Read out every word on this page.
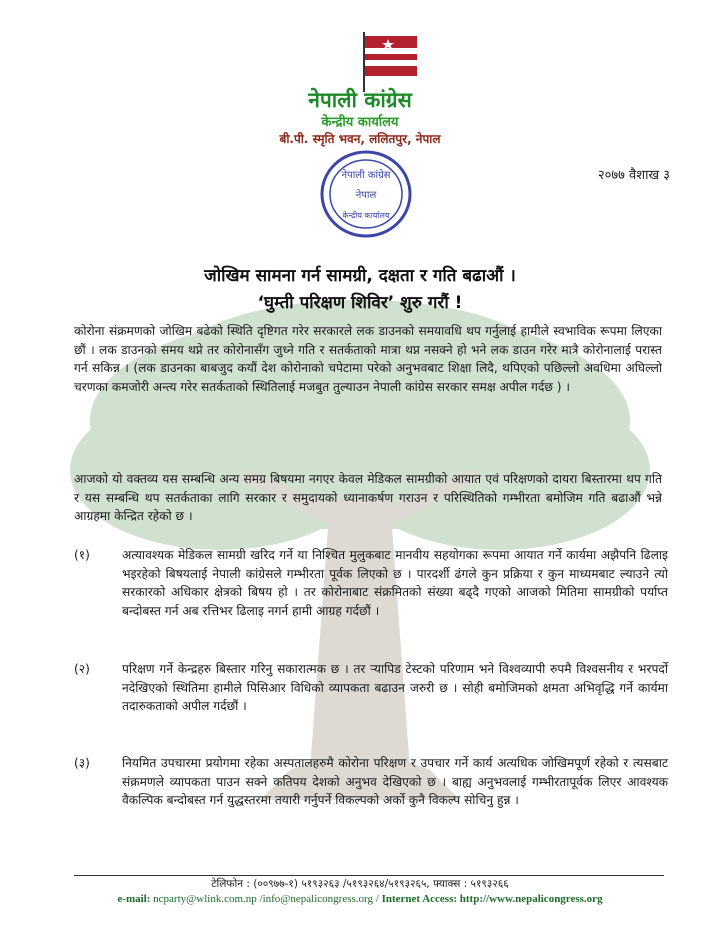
नेपाली कांग्रेस
केन्द्रीय कार्यालय
बी.पी. स्मृति भवन, ललितपुर, नेपाल
नेपाली कांग्रेस
नेपाल
केन्द्रीय कार्यालय
२०७७ वैशाख ३
जोखिम सामना गर्न सामग्री, दक्षता र गति बढाऔं ।
‘घुम्ती परिक्षण शिविर’ शुरु गरौं !
कोरोना संक्रमणको जोखिम बढेको स्थिति दृष्टिगत गरेर सरकारले लक डाउनको समयावधि थप गर्नुलाई हामीले स्वभाविक रूपमा लिएका छौं । लक डाउनको समय थप्ने तर कोरोनासँग जुध्ने गति र सतर्कताको मात्रा थप्न नसक्ने हो भने लक डाउन गरेर मात्रै कोरोनालाई परास्त गर्न सकिन्न । (लक डाउनका बाबजुद कयौं देश कोरोनाको चपेटामा परेको अनुभवबाट शिक्षा लिदै, थपिएको पछिल्लो अवधिमा अघिल्लो चरणका कमजोरी अन्त्य गरेर सतर्कताको स्थितिलाई मजबुत तुल्याउन नेपाली कांग्रेस सरकार समक्ष अपील गर्दछ ) ।
आजको यो वक्तव्य यस सम्बन्धि अन्य समग्र बिषयमा नगएर केवल मेडिकल सामग्रीको आयात एवं परिक्षणको दायरा बिस्तारमा थप गति र यस सम्बन्धि थप सतर्कताका लागि सरकार र समुदायको ध्यानाकर्षण गराउन र परिस्थितिको गम्भीरता बमोजिम गति बढाऔं भन्ने आग्रहमा केन्द्रित रहेको छ ।
(१)	अत्यावश्यक मेडिकल सामग्री खरिद गर्ने या निश्चित मुलुकबाट मानवीय सहयोगका रूपमा आयात गर्ने कार्यमा अझैपनि ढिलाइ भइरहेको बिषयलाई नेपाली कांग्रेसले गम्भीरता पूर्वक लिएको छ । पारदर्शी ढंगले कुन प्रक्रिया र कुन माध्यमबाट ल्याउने त्यो सरकारको अधिकार क्षेत्रको बिषय हो । तर कोरोनाबाट संक्रमितको संख्या बढ्दै गएको आजको मितिमा सामग्रीको पर्याप्त बन्दोबस्त गर्न अब रत्तिभर ढिलाइ नगर्न हामी आग्रह गर्दछौं ।
(२)	परिक्षण गर्ने केन्द्रहरु बिस्तार गरिनु सकारात्मक छ । तर र्‍यापिड टेस्टको परिणाम भने विश्वव्यापी रुपमै विश्वसनीय र भरपर्दो नदेखिएको स्थितिमा हामीले पिसिआर विधिको व्यापकता बढाउन जरुरी छ । सोही बमोजिमको क्षमता अभिवृद्धि गर्ने कार्यमा तदारुकताको अपील गर्दछौं ।
(३)	नियमित उपचारमा प्रयोगमा रहेका अस्पतालहरुमै कोरोना परिक्षण र उपचार गर्ने कार्य अत्यधिक जोखिमपूर्ण रहेको र त्यसबाट संक्रमणले व्यापकता पाउन सक्ने कतिपय देशको अनुभव देखिएको छ । बाह्य अनुभवलाई गम्भीरतापूर्वक लिएर आवश्यक वैकल्पिक बन्दोबस्त गर्न युद्धस्तरमा तयारी गर्नुपर्ने विकल्पको अर्को कुनै विकल्प सोचिनु हुन्न ।
टेलिफोन : (००९७७-१) ५१९३२६३ /५१९३२६४/५१९३२६५, फ्याक्स : ५१९३२६६
e-mail: ncparty@wlink.com.np /info@nepalicongress.org / Internet Access: http://www.nepalicongress.org
